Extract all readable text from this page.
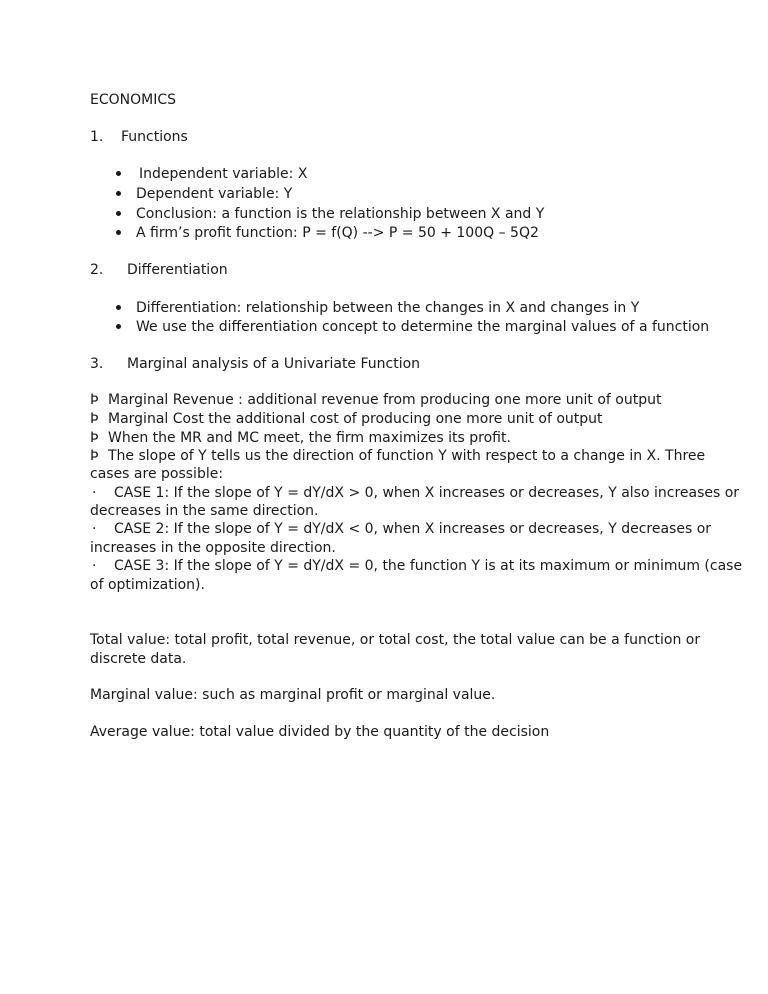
ECONOMICS
1. Functions
Independent variable: X
Dependent variable: Y
Conclusion: a function is the relationship between X and Y
A firm’s profit function: P = f(Q) --> P = 50 + 100Q – 5Q2
2. Differentiation
Differentiation: relationship between the changes in X and changes in Y
We use the differentiation concept to determine the marginal values of a function
3. Marginal analysis of a Univariate Function
Þ Marginal Revenue : additional revenue from producing one more unit of output
Þ Marginal Cost the additional cost of producing one more unit of output
Þ When the MR and MC meet, the firm maximizes its profit.
Þ The slope of Y tells us the direction of function Y with respect to a change in X. Three
cases are possible:
· CASE 1: If the slope of Y = dY/dX > 0, when X increases or decreases, Y also increases or
decreases in the same direction.
· CASE 2: If the slope of Y = dY/dX < 0, when X increases or decreases, Y decreases or
increases in the opposite direction.
· CASE 3: If the slope of Y = dY/dX = 0, the function Y is at its maximum or minimum (case
of optimization).
Total value: total profit, total revenue, or total cost, the total value can be a function or
discrete data.
Marginal value: such as marginal profit or marginal value.
Average value: total value divided by the quantity of the decision
